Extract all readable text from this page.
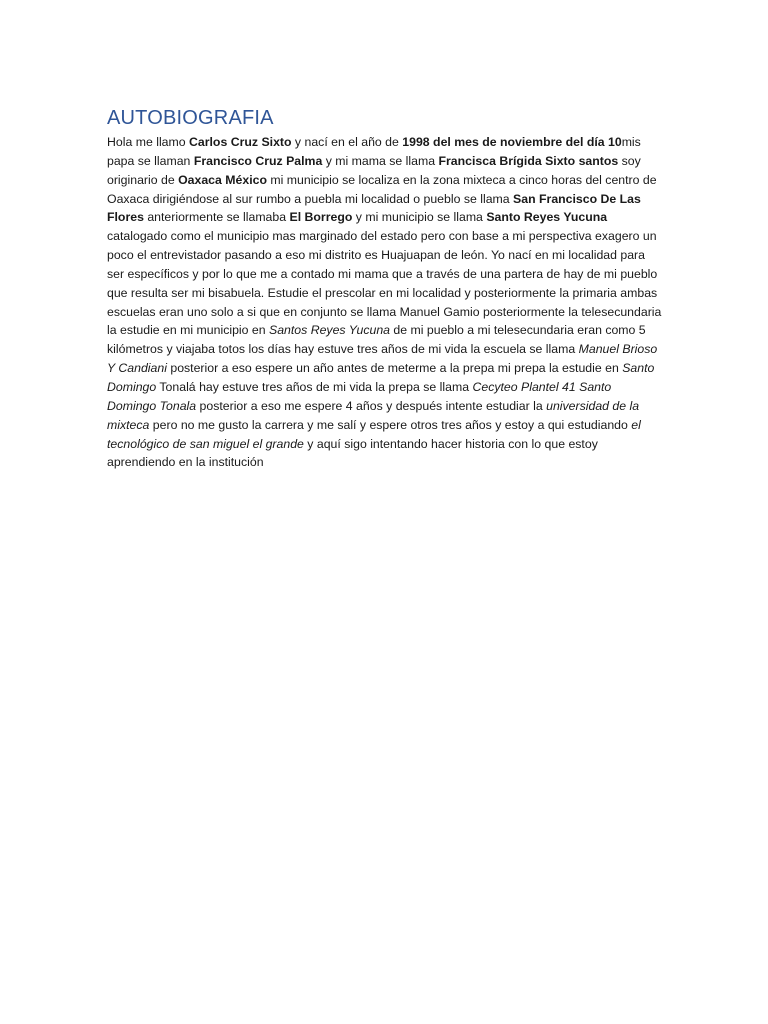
AUTOBIOGRAFIA

Hola me llamo Carlos Cruz Sixto y nací en el año de 1998 del mes de noviembre del día 10mis papa se llaman Francisco Cruz Palma y mi mama se llama Francisca Brígida Sixto santos soy originario de Oaxaca México mi municipio se localiza en la zona mixteca a cinco horas del centro de Oaxaca dirigiéndose al sur rumbo a puebla mi localidad o pueblo se llama San Francisco De Las Flores anteriormente se llamaba El Borrego y mi municipio se llama Santo Reyes Yucuna catalogado como el municipio mas marginado del estado pero con base a mi perspectiva exagero un poco el entrevistador pasando a eso mi distrito es Huajuapan de león. Yo nací en mi localidad para ser específicos y por lo que me a contado mi mama que a través de una partera de hay de mi pueblo que resulta ser mi bisabuela. Estudie el prescolar en mi localidad y posteriormente la primaria ambas escuelas eran uno solo a si que en conjunto se llama Manuel Gamio posteriormente la telesecundaria la estudie en mi municipio en Santos Reyes Yucuna de mi pueblo a mi telesecundaria eran como 5 kilómetros y viajaba totos los días hay estuve tres años de mi vida la escuela se llama Manuel Brioso Y Candiani posterior a eso espere un año antes de meterme a la prepa mi prepa la estudie en Santo Domingo Tonalá hay estuve tres años de mi vida la prepa se llama Cecyteo Plantel 41 Santo Domingo Tonala posterior a eso me espere 4 años y después intente estudiar la universidad de la mixteca pero no me gusto la carrera y me salí y espere otros tres años y estoy a qui estudiando el tecnológico de san miguel el grande y aquí sigo intentando hacer historia con lo que estoy aprendiendo en la institución
